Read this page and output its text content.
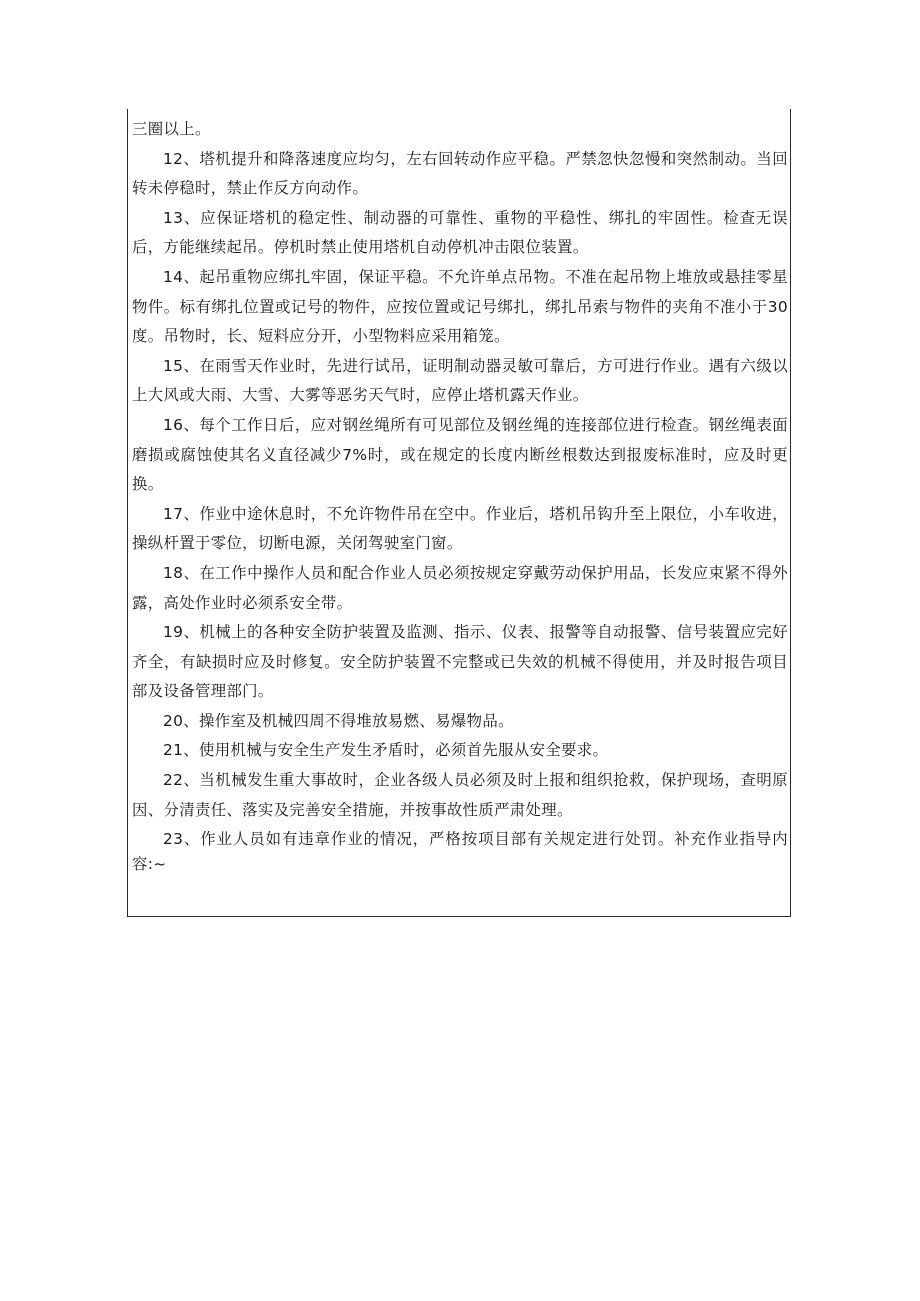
三圈以上。

12、塔机提升和降落速度应均匀，左右回转动作应平稳。严禁忽快忽慢和突然制动。当回转未停稳时，禁止作反方向动作。

13、应保证塔机的稳定性、制动器的可靠性、重物的平稳性、绑扎的牢固性。检查无误后，方能继续起吊。停机时禁止使用塔机自动停机冲击限位装置。

14、起吊重物应绑扎牢固，保证平稳。不允许单点吊物。不准在起吊物上堆放或悬挂零星物件。标有绑扎位置或记号的物件，应按位置或记号绑扎，绑扎吊索与物件的夹角不准小于30度。吊物时，长、短料应分开，小型物料应采用箱笼。

15、在雨雪天作业时，先进行试吊，证明制动器灵敏可靠后，方可进行作业。遇有六级以上大风或大雨、大雪、大雾等恶劣天气时，应停止塔机露天作业。

16、每个工作日后，应对钢丝绳所有可见部位及钢丝绳的连接部位进行检查。钢丝绳表面磨损或腐蚀使其名义直径减少7%时，或在规定的长度内断丝根数达到报废标准时，应及时更换。

17、作业中途休息时，不允许物件吊在空中。作业后，塔机吊钩升至上限位，小车收进，操纵杆置于零位，切断电源，关闭驾驶室门窗。

18、在工作中操作人员和配合作业人员必须按规定穿戴劳动保护用品，长发应束紧不得外露，高处作业时必须系安全带。

19、机械上的各种安全防护装置及监测、指示、仪表、报警等自动报警、信号装置应完好齐全，有缺损时应及时修复。安全防护装置不完整或已失效的机械不得使用，并及时报告项目部及设备管理部门。

20、操作室及机械四周不得堆放易燃、易爆物品。

21、使用机械与安全生产发生矛盾时，必须首先服从安全要求。

22、当机械发生重大事故时，企业各级人员必须及时上报和组织抢救，保护现场，查明原因、分清责任、落实及完善安全措施，并按事故性质严肃处理。

23、作业人员如有违章作业的情况，严格按项目部有关规定进行处罚。补充作业指导内容:~
